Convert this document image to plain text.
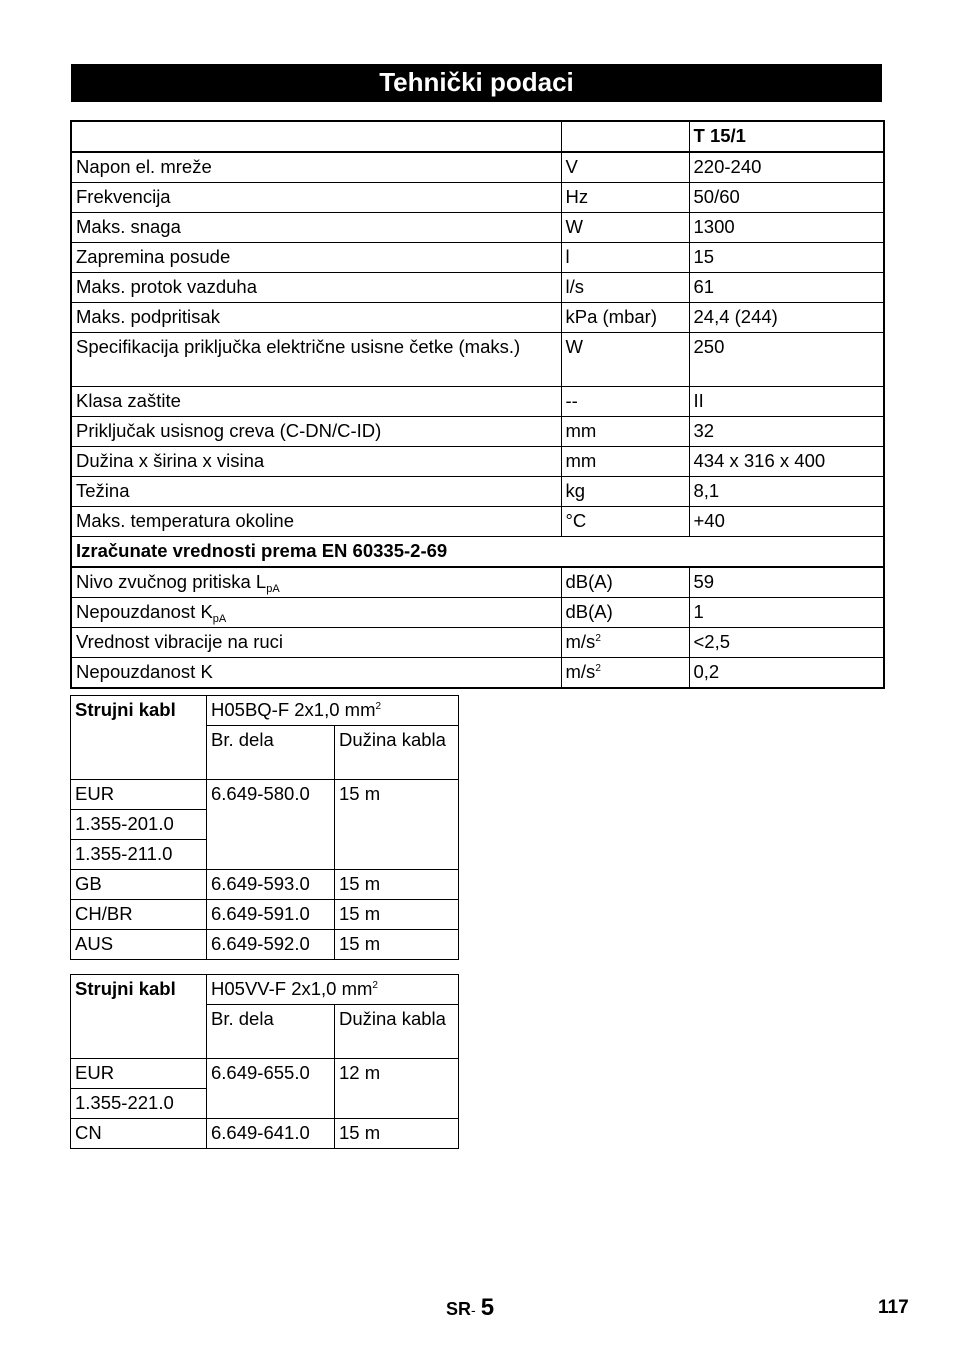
Tehnički podaci
		T 15/1
Napon el. mreže	V	220-240
Frekvencija	Hz	50/60
Maks. snaga	W	1300
Zapremina posude	l	15
Maks. protok vazduha	l/s	61
Maks. podpritisak	kPa (mbar)	24,4 (244)
Specifikacija priključka električne usisne četke (maks.)	W	250
Klasa zaštite	--	II
Priključak usisnog creva (C-DN/C-ID)	mm	32
Dužina x širina x visina	mm	434 x 316 x 400
Težina	kg	8,1
Maks. temperatura okoline	°C	+40
Izračunate vrednosti prema EN 60335-2-69		
Nivo zvučnog pritiska $L_{pA}$	dB(A)	59
Nepouzdanost $K_{pA}$	dB(A)	1
Vrednost vibracije na ruci	$m/s^2$	<2,5
Nepouzdanost K	$m/s^2$	0,2
Strujni kabl	H05BQ-F 2x1,0 $mm^2$
	Br. dela	Dužina kabla
EUR	6.649-580.0	15 m
1.355-201.0		
1.355-211.0		
GB	6.649-593.0	15 m
CH/BR	6.649-591.0	15 m
AUS	6.649-592.0	15 m
Strujni kabl	H05VV-F 2x1,0 $mm^2$
	Br. dela	Dužina kabla
EUR	6.649-655.0	12 m
1.355-221.0		
CN	6.649-641.0	15 m
SR- 5	117
